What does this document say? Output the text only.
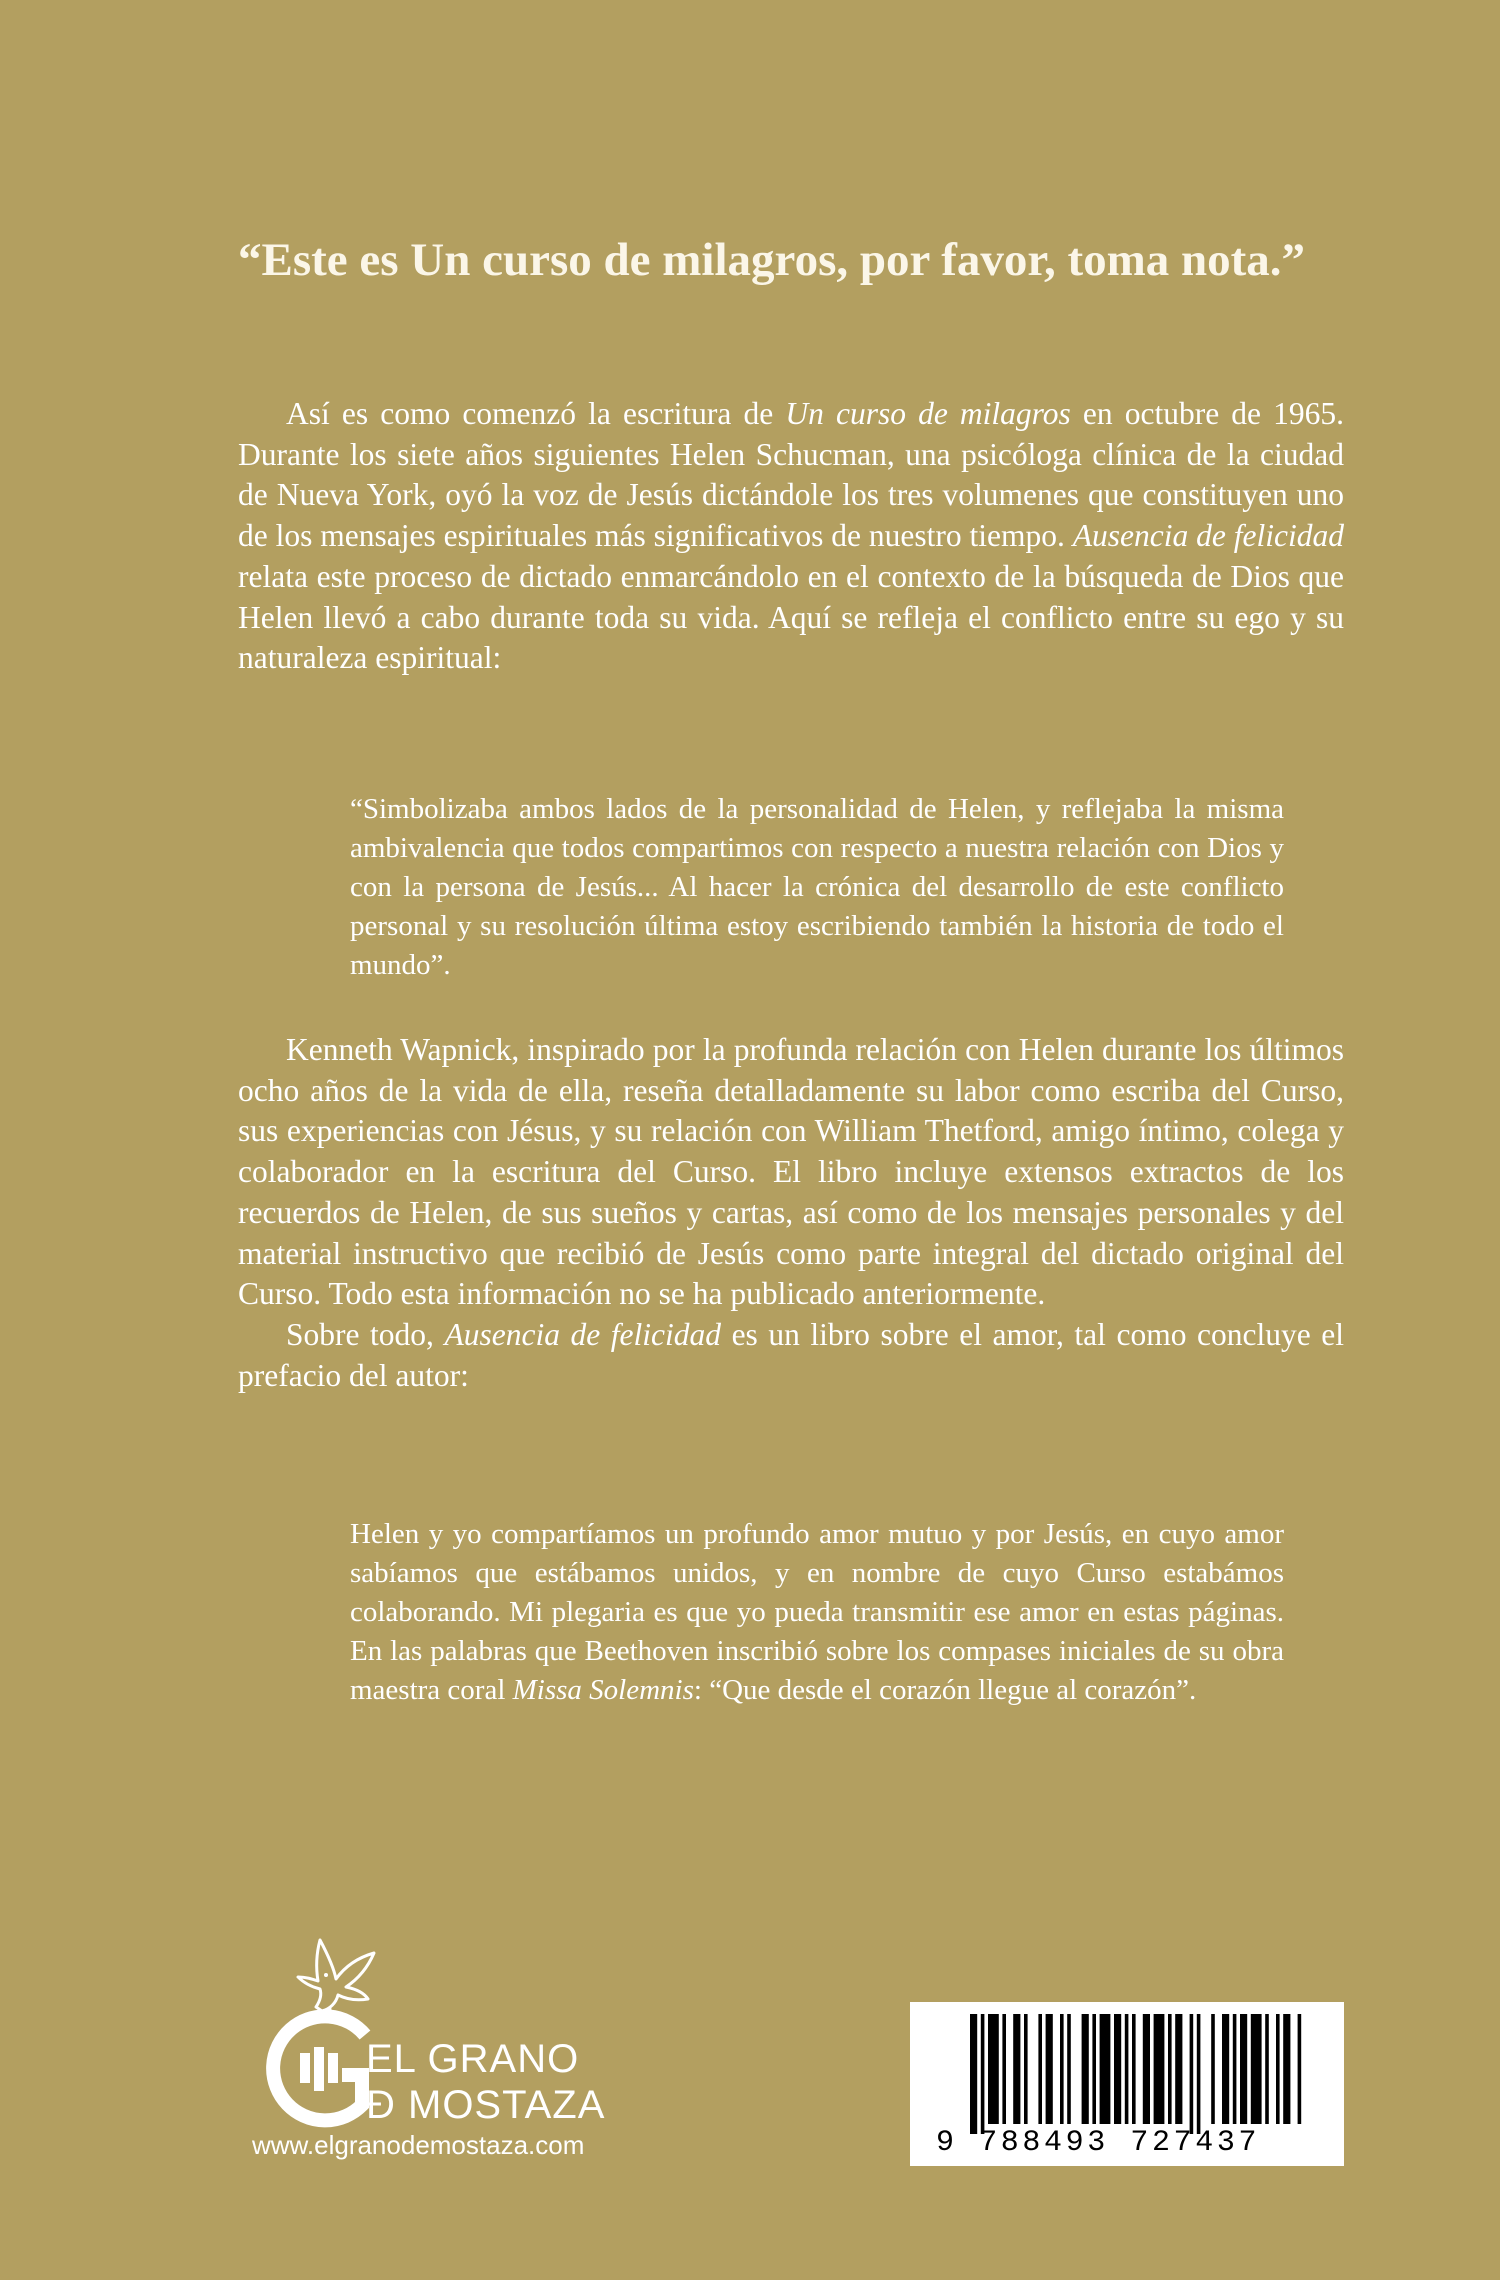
“Este es Un curso de milagros, por favor, toma nota.”

Así es como comenzó la escritura de Un curso de milagros en octubre de 1965. Durante los siete años siguientes Helen Schucman, una psicóloga clínica de la ciudad de Nueva York, oyó la voz de Jesús dictándole los tres volumenes que constituyen uno de los mensajes espirituales más significativos de nuestro tiempo. Ausencia de felicidad relata este proceso de dictado enmarcándolo en el contexto de la búsqueda de Dios que Helen llevó a cabo durante toda su vida. Aquí se refleja el conflicto entre su ego y su naturaleza espiritual:

“Simbolizaba ambos lados de la personalidad de Helen, y reflejaba la misma ambivalencia que todos compartimos con respecto a nuestra relación con Dios y con la persona de Jesús... Al hacer la crónica del desarrollo de este conflicto personal y su resolución última estoy escribiendo también la historia de todo el mundo”.

Kenneth Wapnick, inspirado por la profunda relación con Helen durante los últimos ocho años de la vida de ella, reseña detalladamente su labor como escriba del Curso, sus experiencias con Jésus, y su relación con William Thetford, amigo íntimo, colega y colaborador en la escritura del Curso. El libro incluye extensos extractos de los recuerdos de Helen, de sus sueños y cartas, así como de los mensajes personales y del material instructivo que recibió de Jesús como parte integral del dictado original del Curso. Todo esta información no se ha publicado anteriormente.

Sobre todo, Ausencia de felicidad es un libro sobre el amor, tal como concluye el prefacio del autor:

Helen y yo compartíamos un profundo amor mutuo y por Jesús, en cuyo amor sabíamos que estábamos unidos, y en nombre de cuyo Curso estabámos colaborando. Mi plegaria es que yo pueda transmitir ese amor en estas páginas. En las palabras que Beethoven inscribió sobre los compases iniciales de su obra maestra coral Missa Solemnis: “Que desde el corazón llegue al corazón”.

EL GRANO
Đ MOSTAZA
www.elgranodemostaza.com	9 788493 727437
